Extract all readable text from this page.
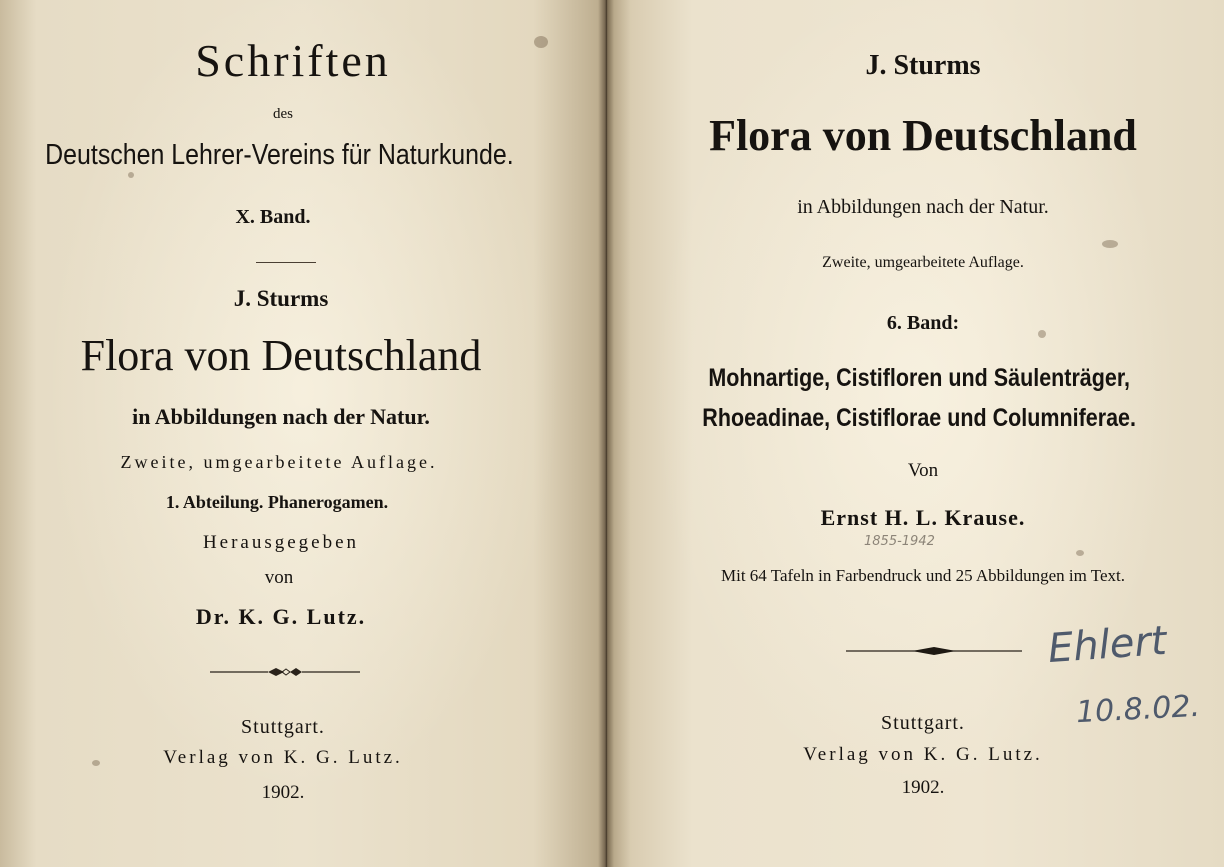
Schriften
des
Deutschen Lehrer-Vereins für Naturkunde.
X. Band.
J. Sturms
Flora von Deutschland
in Abbildungen nach der Natur.
Zweite, umgearbeitete Auflage.
1. Abteilung. Phanerogamen.
Herausgegeben
von
Dr. K. G. Lutz.
Stuttgart.
Verlag von K. G. Lutz.
1902.
J. Sturms
Flora von Deutschland
in Abbildungen nach der Natur.
Zweite, umgearbeitete Auflage.
6. Band:
Mohnartige, Cistifloren und Säulenträger,
Rhoeadinae, Cistiflorae und Columniferae.
Von
Ernst H. L. Krause.
1855-1942
Mit 64 Tafeln in Farbendruck und 25 Abbildungen im Text.
Ehlert
10.8.02.
Stuttgart.
Verlag von K. G. Lutz.
1902.
